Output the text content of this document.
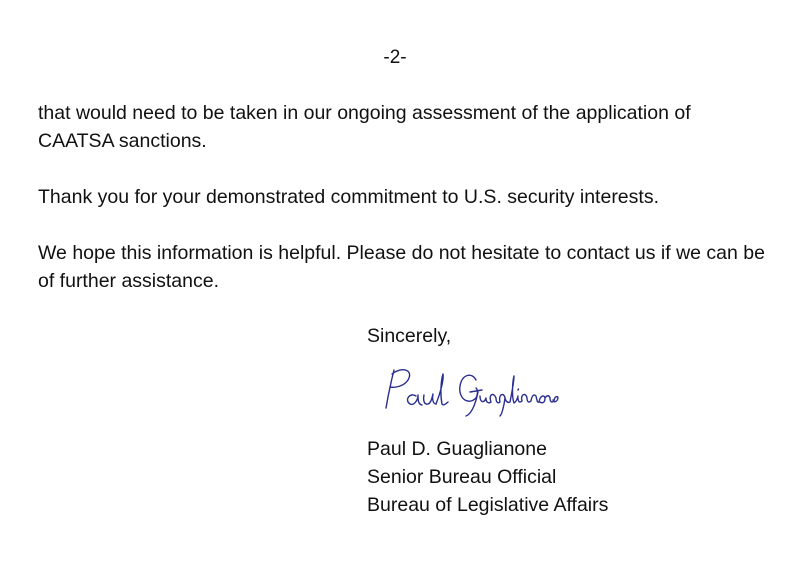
-2-

that would need to be taken in our ongoing assessment of the application of CAATSA sanctions.

Thank you for your demonstrated commitment to U.S. security interests.

We hope this information is helpful. Please do not hesitate to contact us if we can be of further assistance.

Sincerely,
Paul D. Guaglianone
Senior Bureau Official
Bureau of Legislative Affairs
